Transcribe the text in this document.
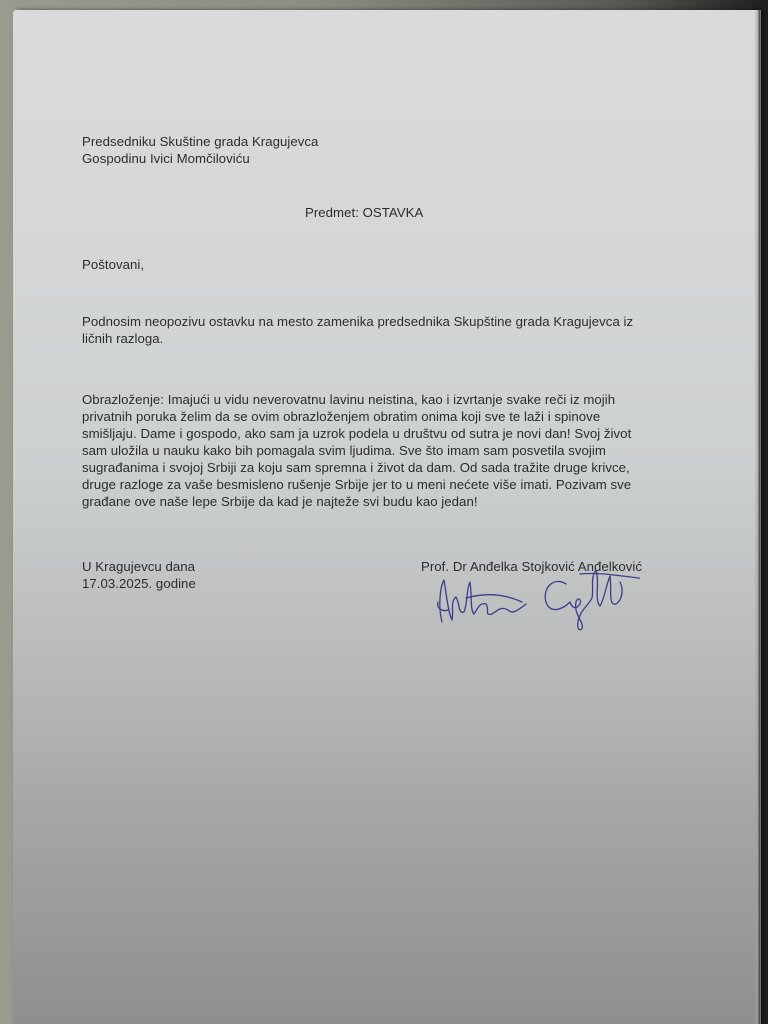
Predsedniku Skuštine grada Kragujevca
Gospodinu Ivici Momčiloviću
Predmet: OSTAVKA
Poštovani,
Podnosim neopozivu ostavku na mesto zamenika predsednika Skupštine grada Kragujevca iz
ličnih razloga.
Obrazloženje: Imajući u vidu neverovatnu lavinu neistina, kao i izvrtanje svake reči iz mojih
privatnih poruka želim da se ovim obrazloženjem obratim onima koji sve te laži i spinove
smišljaju. Dame i gospodo, ako sam ja uzrok podela u društvu od sutra je novi dan! Svoj život
sam uložila u nauku kako bih pomagala svim ljudima. Sve što imam sam posvetila svojim
sugrađanima i svojoj Srbiji za koju sam spremna i život da dam. Od sada tražite druge krivce,
druge razloge za vaše besmisleno rušenje Srbije jer to u meni nećete više imati. Pozivam sve
građane ove naše lepe Srbije da kad je najteže svi budu kao jedan!
U Kragujevcu dana
17.03.2025. godine
Prof. Dr Anđelka Stojković Anđelković
